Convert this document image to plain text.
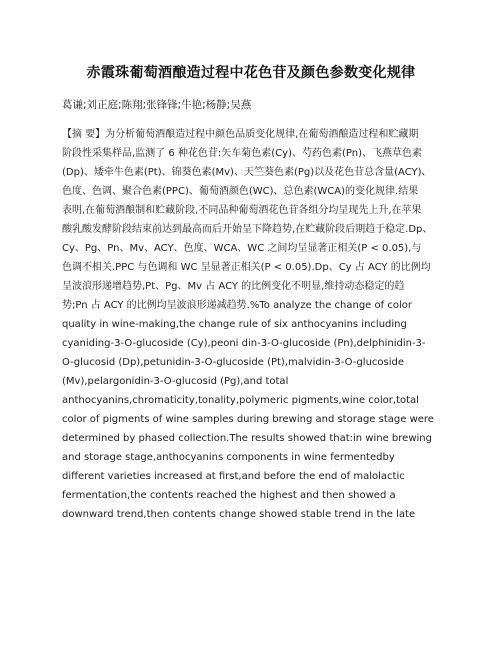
赤霞珠葡萄酒酿造过程中花色苷及颜色参数变化规律
葛谦;刘正庭;陈翔;张锋锋;牛艳;杨静;吴燕
【摘 要】为分析葡萄酒酿造过程中颜色品质变化规律,在葡萄酒酿造过程和贮藏期
阶段性采集样品,监测了 6 种花色苷:矢车菊色素(Cy)、芍药色素(Pn)、飞燕草色素
(Dp)、矮牵牛色素(Pt)、锦葵色素(Mv)、天竺葵色素(Pg)以及花色苷总含量(ACY)、
色度、色调、聚合色素(PPC)、葡萄酒颜色(WC)、总色素(WCA)的变化规律.结果
表明,在葡萄酒酿制和贮藏阶段,不同品种葡萄酒花色苷各组分均呈现先上升,在苹果
酸乳酸发酵阶段结束前达到最高而后开始呈下降趋势,在贮藏阶段后期趋于稳定.Dp、
Cy、Pg、Pn、Mv、ACY、色度、WCA、WC 之间均呈显著正相关(P < 0.05),与
色调不相关.PPC 与色调和 WC 呈显著正相关(P < 0.05).Dp、Cy 占 ACY 的比例均
呈波浪形递增趋势,Pt、Pg、Mv 占 ACY 的比例变化不明显,维持动态稳定的趋
势;Pn 占 ACY 的比例均呈波浪形递减趋势.%To analyze the change of color
quality in wine-making,the change rule of six anthocyanins including
cyaniding-3-O-glucoside (Cy),peoni din-3-O-glucoside (Pn),delphinidin-3-
O-glucosid (Dp),petunidin-3-O-glucoside (Pt),malvidin-3-O-glucoside
(Mv),pelargonidin-3-O-glucosid (Pg),and total
anthocyanins,chromaticity,tonality,polymeric pigments,wine color,total
color of pigments of wine samples during brewing and storage stage were
determined by phased collection.The results showed that:in wine brewing
and storage stage,anthocyanins components in wine fermentedby
different varieties increased at first,and before the end of malolactic
fermentation,the contents reached the highest and then showed a
downward trend,then contents change showed stable trend in the late
